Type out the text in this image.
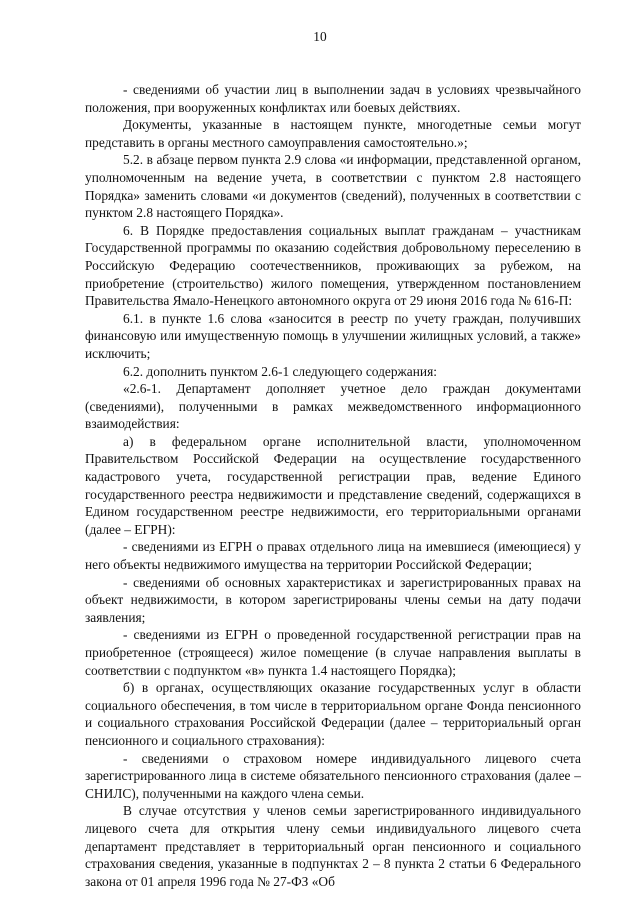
10

- сведениями об участии лиц в выполнении задач в условиях чрезвычайного положения, при вооруженных конфликтах или боевых действиях.

Документы, указанные в настоящем пункте, многодетные семьи могут представить в органы местного самоуправления самостоятельно.»;

5.2. в абзаце первом пункта 2.9 слова «и информации, представленной органом, уполномоченным на ведение учета, в соответствии с пунктом 2.8 настоящего Порядка» заменить словами «и документов (сведений), полученных в соответствии с пунктом 2.8 настоящего Порядка».

6. В Порядке предоставления социальных выплат гражданам – участникам Государственной программы по оказанию содействия добровольному переселению в Российскую Федерацию соотечественников, проживающих за рубежом, на приобретение (строительство) жилого помещения, утвержденном постановлением Правительства Ямало-Ненецкого автономного округа от 29 июня 2016 года № 616-П:

6.1. в пункте 1.6 слова «заносится в реестр по учету граждан, получивших финансовую или имущественную помощь в улучшении жилищных условий, а также» исключить;

6.2. дополнить пунктом 2.6-1 следующего содержания:

«2.6-1. Департамент дополняет учетное дело граждан документами (сведениями), полученными в рамках межведомственного информационного взаимодействия:

а) в федеральном органе исполнительной власти, уполномоченном Правительством Российской Федерации на осуществление государственного кадастрового учета, государственной регистрации прав, ведение Единого государственного реестра недвижимости и представление сведений, содержащихся в Едином государственном реестре недвижимости, его территориальными органами (далее – ЕГРН):

- сведениями из ЕГРН о правах отдельного лица на имевшиеся (имеющиеся) у него объекты недвижимого имущества на территории Российской Федерации;

- сведениями об основных характеристиках и зарегистрированных правах на объект недвижимости, в котором зарегистрированы члены семьи на дату подачи заявления;

- сведениями из ЕГРН о проведенной государственной регистрации прав на приобретенное (строящееся) жилое помещение (в случае направления выплаты в соответствии с подпунктом «в» пункта 1.4 настоящего Порядка);

б) в органах, осуществляющих оказание государственных услуг в области социального обеспечения, в том числе в территориальном органе Фонда пенсионного и социального страхования Российской Федерации (далее – территориальный орган пенсионного и социального страхования):

- сведениями о страховом номере индивидуального лицевого счета зарегистрированного лица в системе обязательного пенсионного страхования (далее – СНИЛС), полученными на каждого члена семьи.

В случае отсутствия у членов семьи зарегистрированного индивидуального лицевого счета для открытия члену семьи индивидуального лицевого счета департамент представляет в территориальный орган пенсионного и социального страхования сведения, указанные в подпунктах 2 – 8 пункта 2 статьи 6 Федерального закона от 01 апреля 1996 года № 27-ФЗ «Об
